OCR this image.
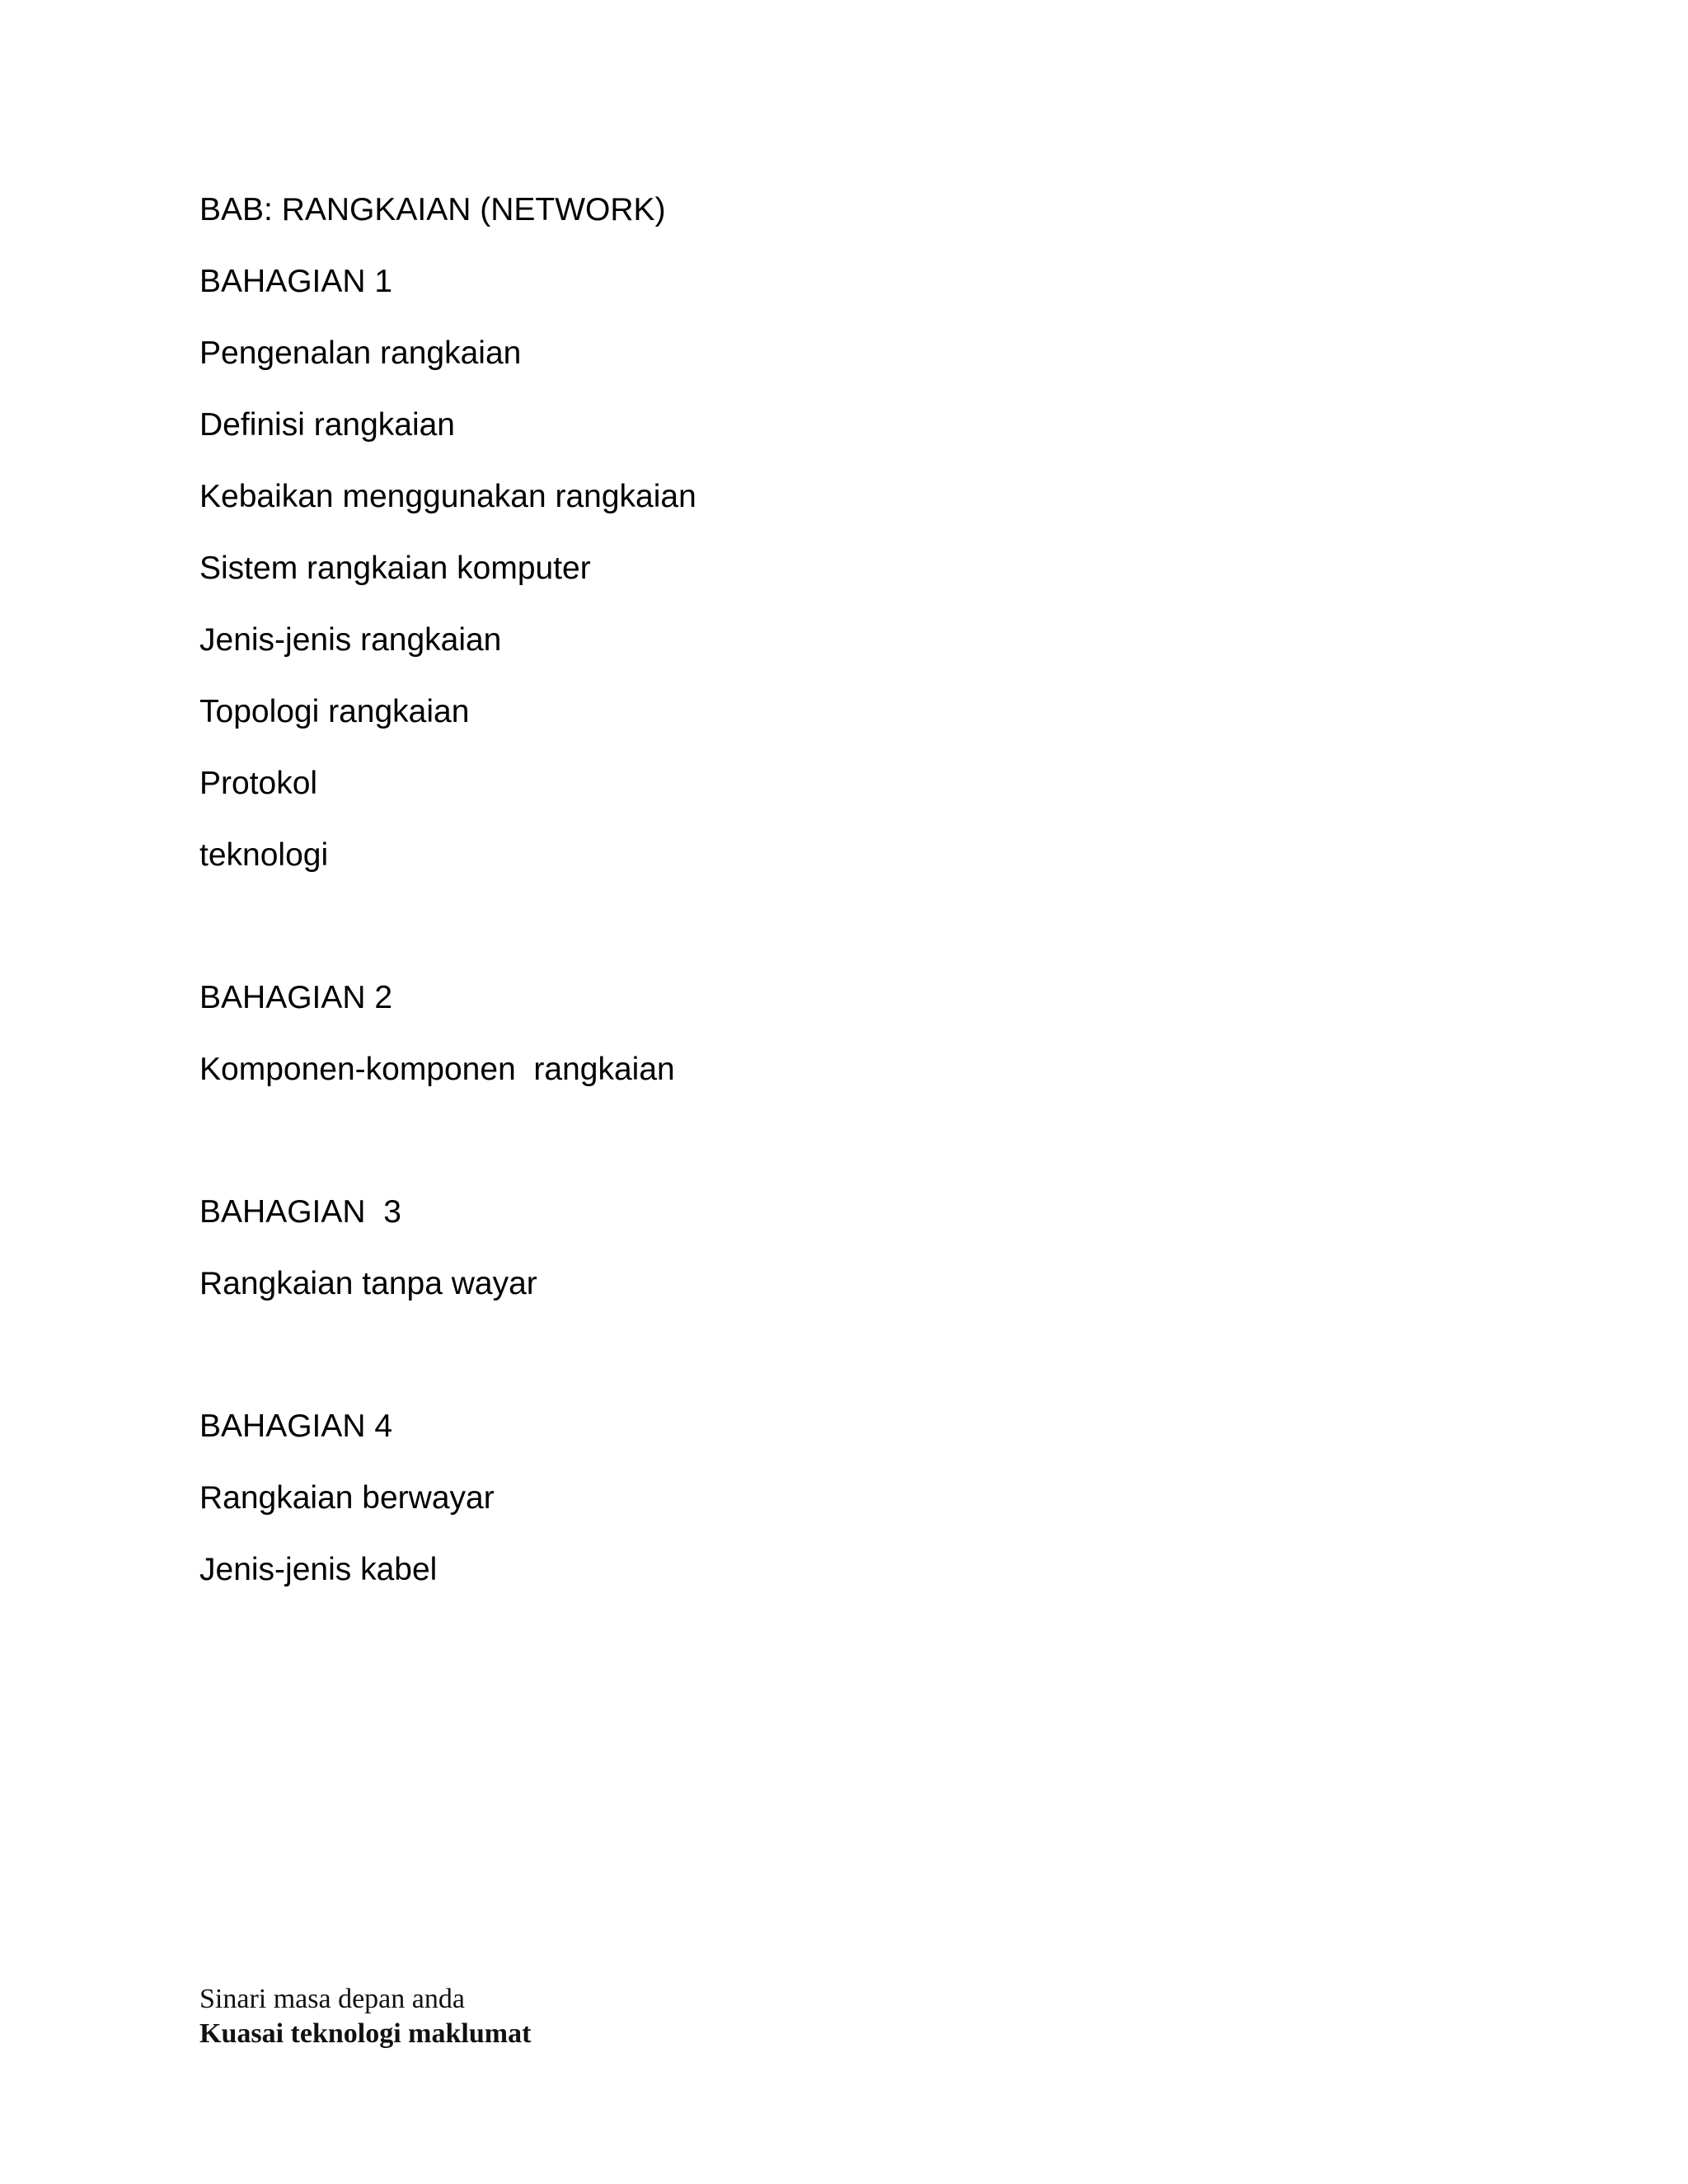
BAB: RANGKAIAN (NETWORK)
BAHAGIAN 1
Pengenalan rangkaian
Definisi rangkaian
Kebaikan menggunakan rangkaian
Sistem rangkaian komputer
Jenis-jenis rangkaian
Topologi rangkaian
Protokol
teknologi
BAHAGIAN 2
Komponen-komponen  rangkaian
BAHAGIAN  3
Rangkaian tanpa wayar
BAHAGIAN 4
Rangkaian berwayar
Jenis-jenis kabel
Sinari masa depan anda
Kuasai teknologi maklumat
